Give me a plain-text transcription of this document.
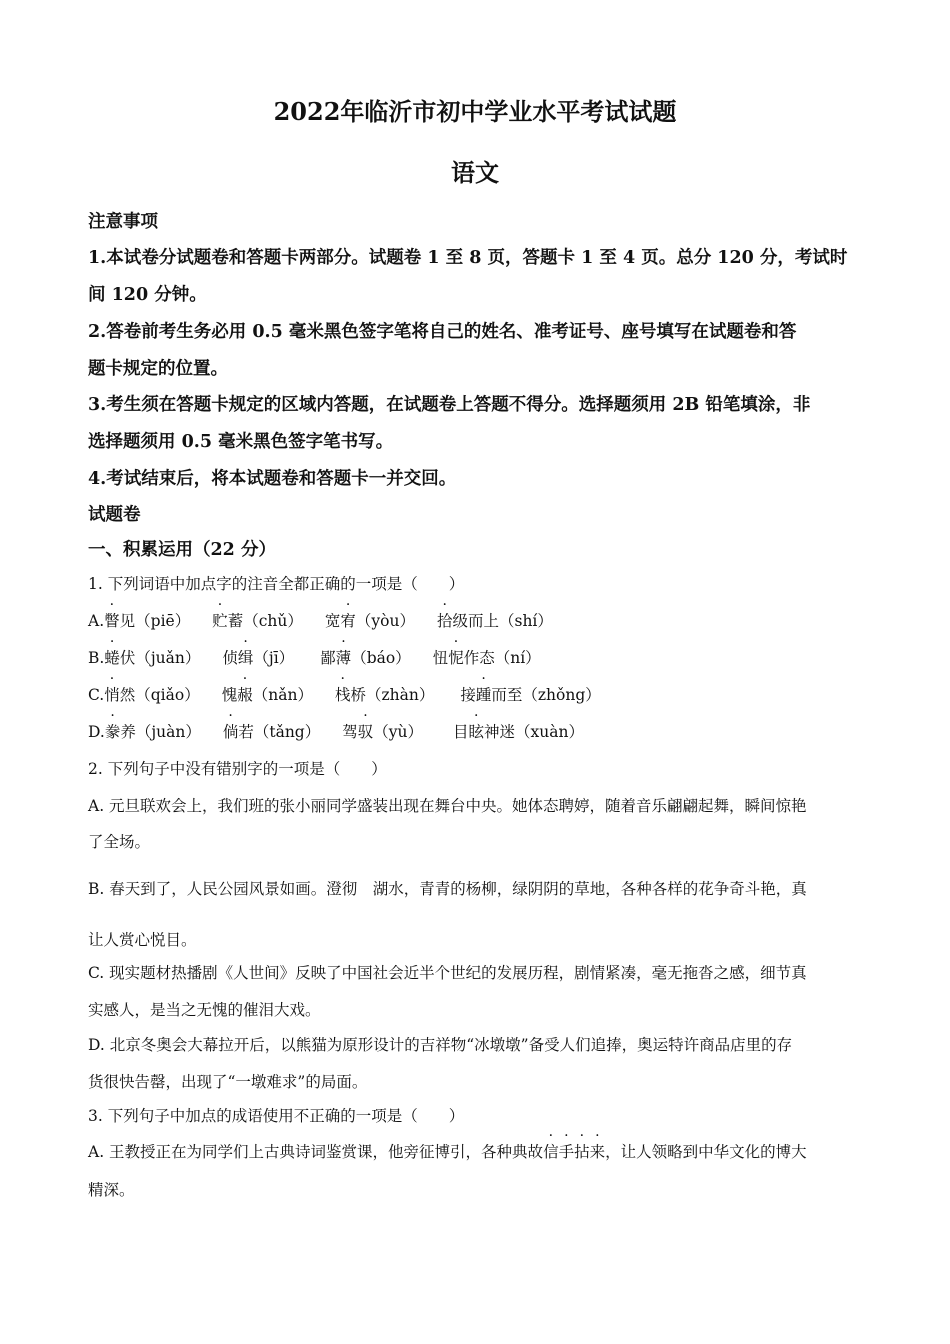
2022年临沂市初中学业水平考试试题
语文
注意事项
1.本试卷分试题卷和答题卡两部分。试题卷 1 至 8 页，答题卡 1 至 4 页。总分 120 分，考试时
间 120 分钟。
2.答卷前考生务必用 0.5 毫米黑色签字笔将自己的姓名、准考证号、座号填写在试题卷和答
题卡规定的位置。
3.考生须在答题卡规定的区域内答题，在试题卷上答题不得分。选择题须用 2B 铅笔填涂，非
选择题须用 0.5 毫米黑色签字笔书写。
4.考试结束后，将本试题卷和答题卡一并交回。
试题卷
一、积累运用（22 分）
1. 下列词语中加点字的注音全都正确的一项是（　　）
A.瞥见（piē） 贮蓄（chǔ） 宽宥（yòu） 拾级而上（shí）
B.蜷伏（juǎn） 侦缉（jī） 鄙薄（báo） 忸怩作态（ní）
C.悄然（qiǎo） 愧赧（nǎn） 栈桥（zhàn） 接踵而至（zhǒng）
D.豢养（juàn） 倘若（tǎng） 驾驭（yù） 目眩神迷（xuàn）
2. 下列句子中没有错别字的一项是（　　）
A. 元旦联欢会上，我们班的张小丽同学盛装出现在舞台中央。她体态聘婷，随着音乐翩翩起舞，瞬间惊艳
了全场。
B. 春天到了，人民公园风景如画。澄彻　湖水，青青的杨柳，绿阴阴的草地，各种各样的花争奇斗艳，真
让人赏心悦目。
C. 现实题材热播剧《人世间》反映了中国社会近半个世纪的发展历程，剧情紧凑，毫无拖沓之感，细节真
实感人，是当之无愧的催泪大戏。
D. 北京冬奥会大幕拉开后，以熊猫为原形设计的吉祥物“冰墩墩”备受人们追捧，奥运特许商品店里的存
货很快告罄，出现了“一墩难求”的局面。
3. 下列句子中加点的成语使用不正确的一项是（　　）
A. 王教授正在为同学们上古典诗词鉴赏课，他旁征博引，各种典故信手拈来，让人领略到中华文化的博大
精深。
